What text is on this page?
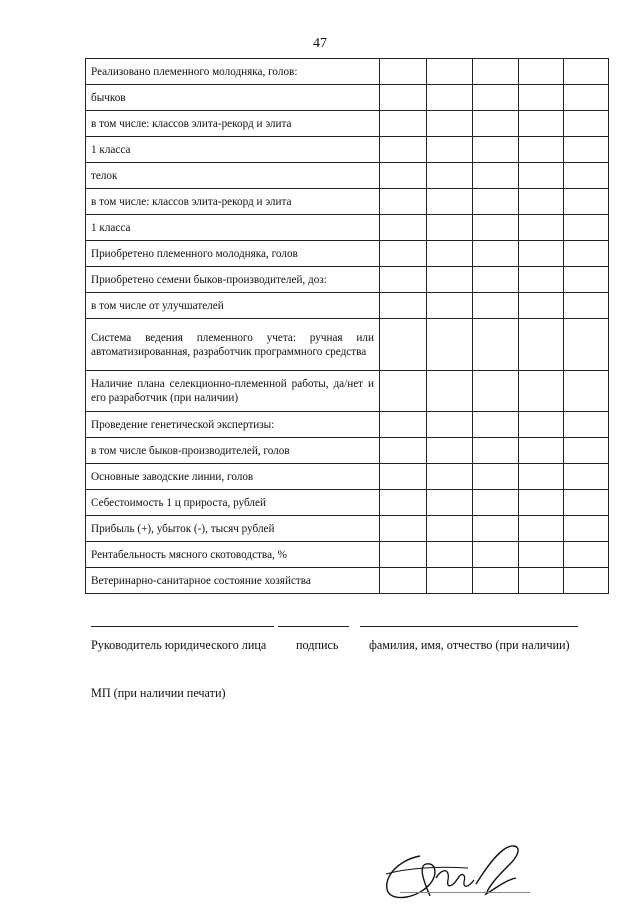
47
Реализовано племенного молодняка, голов:					
бычков					
в том числе: классов элита-рекорд и элита					
1 класса					
телок					
в том числе: классов элита-рекорд и элита					
1 класса					
Приобретено племенного молодняка, голов					
Приобретено семени быков-производителей, доз:					
в том числе от улучшателей					
Система ведения племенного учета: ручная или автоматизированная, разработчик программного средства					
Наличие плана селекционно-племенной работы, да/нет и его разработчик (при наличии)					
Проведение генетической экспертизы:					
в том числе быков-производителей, голов					
Основные заводские линии, голов					
Себестоимость 1 ц прироста, рублей					
Прибыль (+), убыток (-), тысяч рублей					
Рентабельность мясного скотоводства, %					
Ветеринарно-санитарное состояние хозяйства					
Руководитель юридического лица подпись	фамилия, имя, отчество (при наличии)
МП (при наличии печати)
